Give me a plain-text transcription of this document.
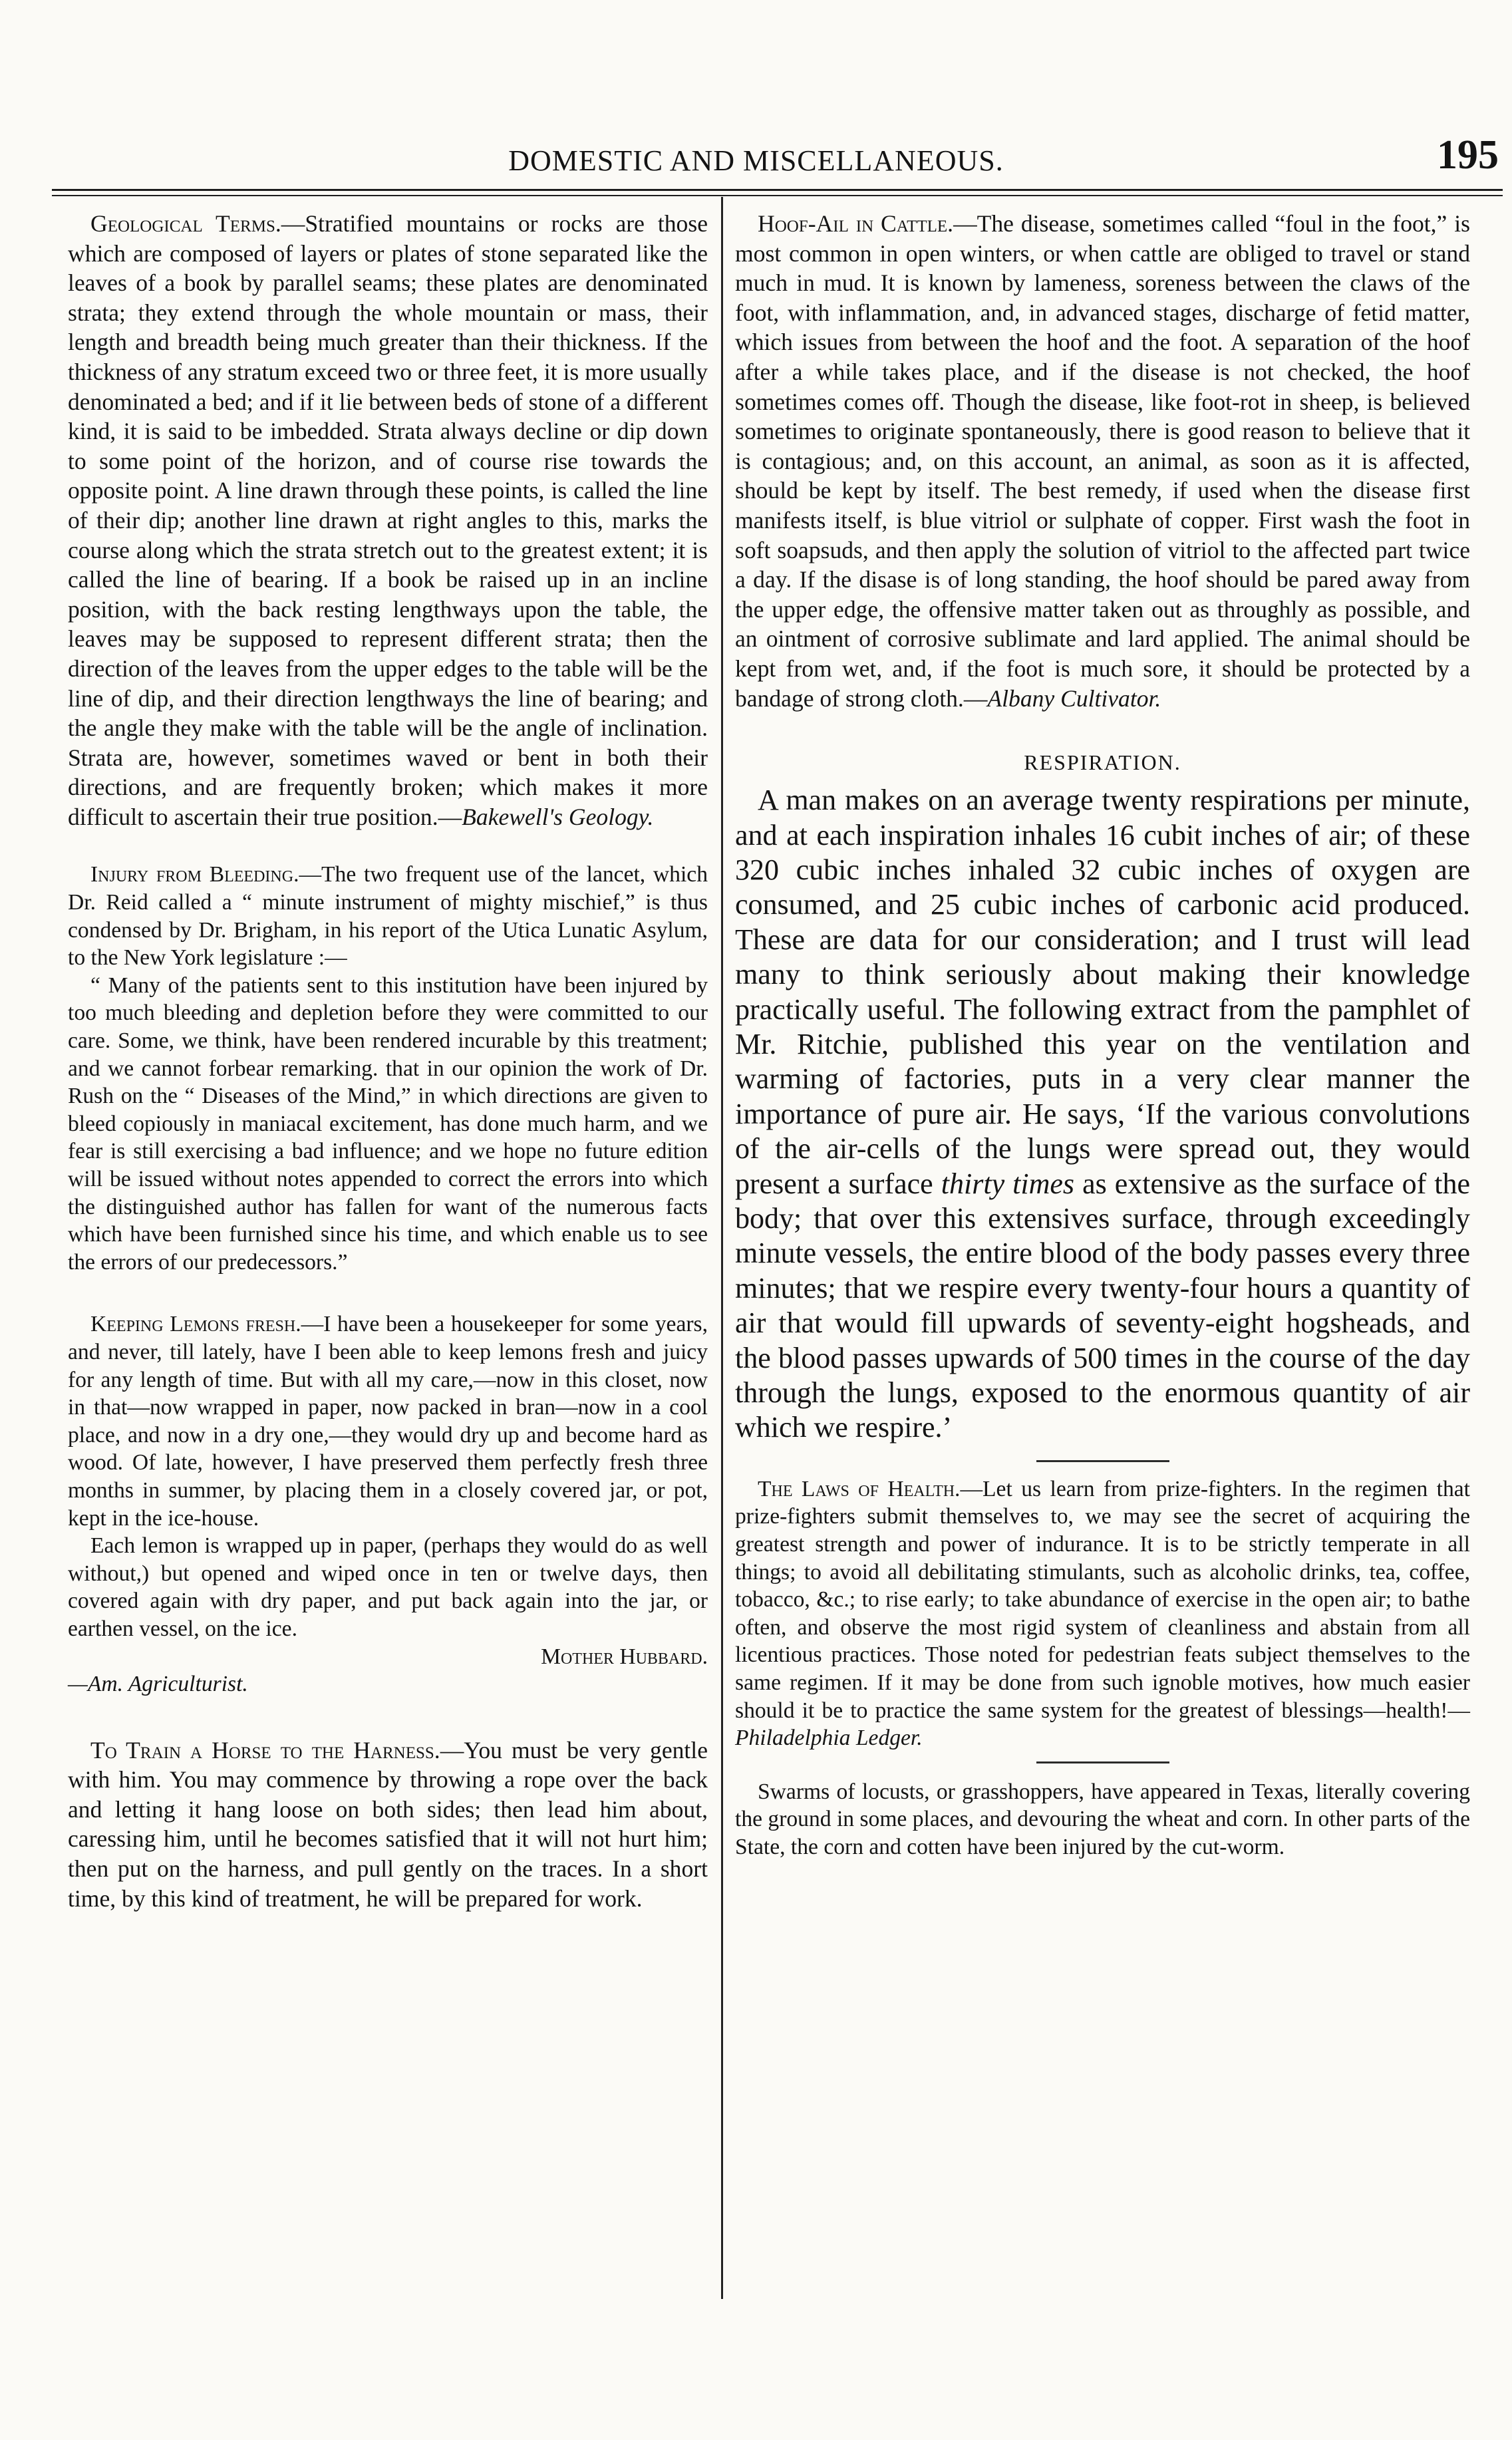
DOMESTIC AND MISCELLANEOUS.	195

Geological Terms.—Stratified mountains or rocks are those which are composed of layers or plates of stone separated like the leaves of a book by parallel seams; these plates are denominated strata; they extend through the whole mountain or mass, their length and breadth being much greater than their thickness. If the thickness of any stratum exceed two or three feet, it is more usually denominated a bed; and if it lie between beds of stone of a different kind, it is said to be imbedded. Strata always decline or dip down to some point of the horizon, and of course rise towards the opposite point. A line drawn through these points, is called the line of their dip; another line drawn at right angles to this, marks the course along which the strata stretch out to the greatest extent; it is called the line of bearing. If a book be raised up in an incline position, with the back resting lengthways upon the table, the leaves may be supposed to represent different strata; then the direction of the leaves from the upper edges to the table will be the line of dip, and their direction lengthways the line of bearing; and the angle they make with the table will be the angle of inclination. Strata are, however, sometimes waved or bent in both their directions, and are frequently broken; which makes it more difficult to ascertain their true position.—Bakewell's Geology.

Injury from Bleeding.—The two frequent use of the lancet, which Dr. Reid called a “ minute instrument of mighty mischief,” is thus condensed by Dr. Brigham, in his report of the Utica Lunatic Asylum, to the New York legislature :—

“ Many of the patients sent to this institution have been injured by too much bleeding and depletion before they were committed to our care. Some, we think, have been rendered incurable by this treatment; and we cannot forbear remarking. that in our opinion the work of Dr. Rush on the “ Diseases of the Mind,” in which directions are given to bleed copiously in maniacal excitement, has done much harm, and we fear is still exercising a bad influence; and we hope no future edition will be issued without notes appended to correct the errors into which the distinguished author has fallen for want of the numerous facts which have been furnished since his time, and which enable us to see the errors of our predecessors.”

Keeping Lemons fresh.—I have been a housekeeper for some years, and never, till lately, have I been able to keep lemons fresh and juicy for any length of time. But with all my care,—now in this closet, now in that—now wrapped in paper, now packed in bran—now in a cool place, and now in a dry one,—they would dry up and become hard as wood. Of late, however, I have preserved them perfectly fresh three months in summer, by placing them in a closely covered jar, or pot, kept in the ice-house.

Each lemon is wrapped up in paper, (perhaps they would do as well without,) but opened and wiped once in ten or twelve days, then covered again with dry paper, and put back again into the jar, or earthen vessel, on the ice.

Mother Hubbard.

—Am. Agriculturist.

To Train a Horse to the Harness.—You must be very gentle with him. You may commence by throwing a rope over the back and letting it hang loose on both sides; then lead him about, caressing him, until he becomes satisfied that it will not hurt him; then put on the harness, and pull gently on the traces. In a short time, by this kind of treatment, he will be prepared for work.

Hoof-Ail in Cattle.—The disease, sometimes called “foul in the foot,” is most common in open winters, or when cattle are obliged to travel or stand much in mud. It is known by lameness, soreness between the claws of the foot, with inflammation, and, in advanced stages, discharge of fetid matter, which issues from between the hoof and the foot. A separation of the hoof after a while takes place, and if the disease is not checked, the hoof sometimes comes off. Though the disease, like foot-rot in sheep, is believed sometimes to originate spontaneously, there is good reason to believe that it is contagious; and, on this account, an animal, as soon as it is affected, should be kept by itself. The best remedy, if used when the disease first manifests itself, is blue vitriol or sulphate of copper. First wash the foot in soft soapsuds, and then apply the solution of vitriol to the affected part twice a day. If the disase is of long standing, the hoof should be pared away from the upper edge, the offensive matter taken out as throughly as possible, and an ointment of corrosive sublimate and lard applied. The animal should be kept from wet, and, if the foot is much sore, it should be protected by a bandage of strong cloth.—Albany Cultivator.

RESPIRATION.

A man makes on an average twenty respirations per minute, and at each inspiration inhales 16 cubit inches of air; of these 320 cubic inches inhaled 32 cubic inches of oxygen are consumed, and 25 cubic inches of carbonic acid produced. These are data for our consideration; and I trust will lead many to think seriously about making their knowledge practically useful. The following extract from the pamphlet of Mr. Ritchie, published this year on the ventilation and warming of factories, puts in a very clear manner the importance of pure air. He says, ‘If the various convolutions of the air-cells of the lungs were spread out, they would present a surface thirty times as extensive as the surface of the body; that over this extensives surface, through exceedingly minute vessels, the entire blood of the body passes every three minutes; that we respire every twenty-four hours a quantity of air that would fill upwards of seventy-eight hogsheads, and the blood passes upwards of 500 times in the course of the day through the lungs, exposed to the enormous quantity of air which we respire.’

The Laws of Health.—Let us learn from prize-fighters. In the regimen that prize-fighters submit themselves to, we may see the secret of acquiring the greatest strength and power of indurance. It is to be strictly temperate in all things; to avoid all debilitating stimulants, such as alcoholic drinks, tea, coffee, tobacco, &c.; to rise early; to take abundance of exercise in the open air; to bathe often, and observe the most rigid system of cleanliness and abstain from all licentious practices. Those noted for pedestrian feats subject themselves to the same regimen. If it may be done from such ignoble motives, how much easier should it be to practice the same system for the greatest of blessings—health!—Philadelphia Ledger.

Swarms of locusts, or grasshoppers, have appeared in Texas, literally covering the ground in some places, and devouring the wheat and corn. In other parts of the State, the corn and cotten have been injured by the cut-worm.
